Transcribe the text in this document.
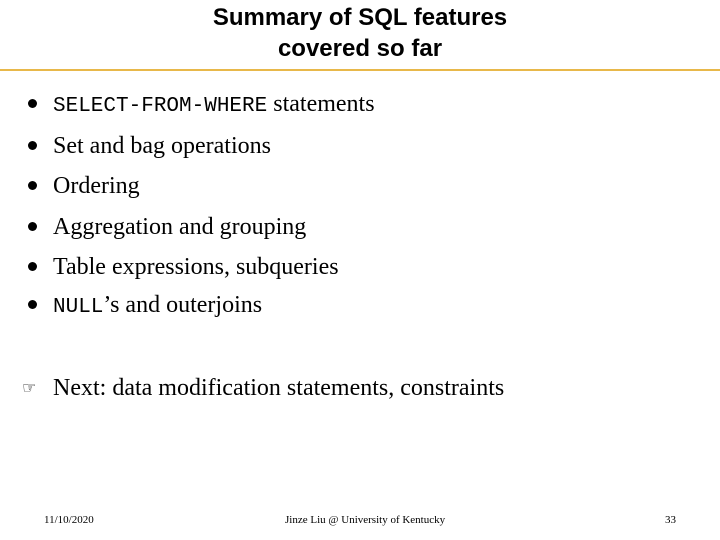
Summary of SQL features
covered so far
SELECT-FROM-WHERE statements
Set and bag operations
Ordering
Aggregation and grouping
Table expressions, subqueries
NULL’s and outerjoins
☞ Next: data modification statements, constraints
11/10/2020	Jinze Liu @ University of Kentucky	33
